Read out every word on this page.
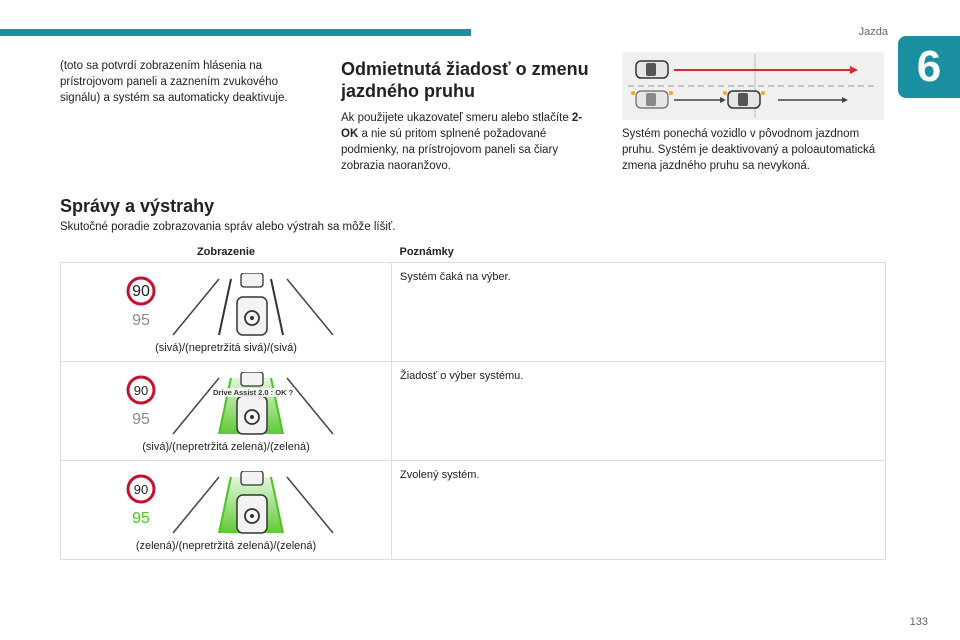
Jazda
6

(toto sa potvrdí zobrazením hlásenia na prístrojovom paneli a zaznením zvukového signálu) a systém sa automaticky deaktivuje.

Odmietnutá žiadosť o zmenu jazdného pruhu

Ak použijete ukazovateľ smeru alebo stlačíte 2-OK a nie sú pritom splnené požadované podmienky, na prístrojovom paneli sa čiary zobrazia naoranžovo.

Systém ponechá vozidlo v pôvodnom jazdnom pruhu. Systém je deaktivovaný a poloautomatická zmena jazdného pruhu sa nevykoná.

Správy a výstrahy

Skutočné poradie zobrazovania správ alebo výstrah sa môže líšiť.

Zobrazenie	Poznámky

90
95
(sivá)/(nepretržitá sivá)/(sivá)	Systém čaká na výber.

90
95
Drive Assist 2.0 : OK ?
(sivá)/(nepretržitá zelená)/(zelená)	Žiadosť o výber systému.

90
95
(zelená)/(nepretržitá zelená)/(zelená)	Zvolený systém.
133
